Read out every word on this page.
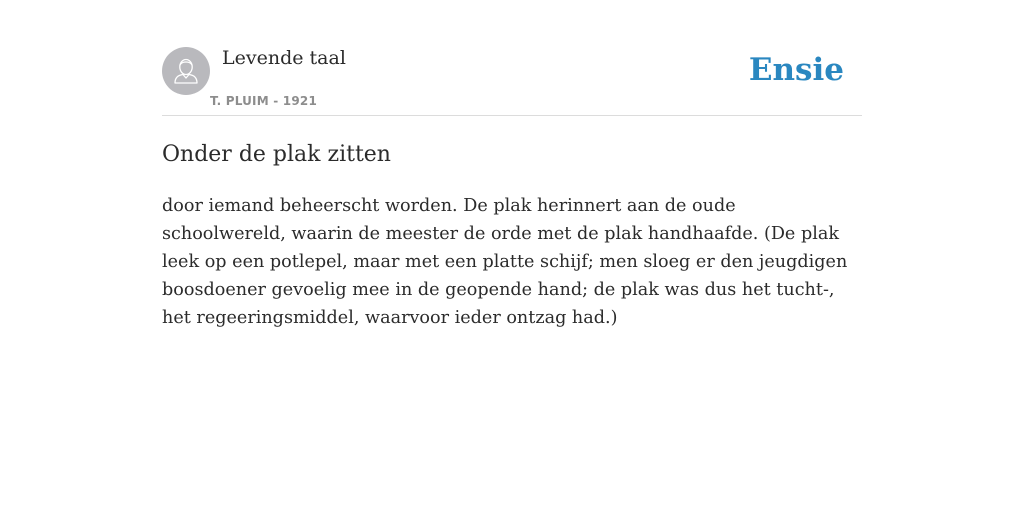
Levende taal
T. PLUIM - 1921
Ensie
Onder de plak zitten

door iemand beheerscht worden. De plak herinnert aan de oude schoolwereld, waarin de meester de orde met de plak handhaafde. (De plak leek op een potlepel, maar met een platte schijf; men sloeg er den jeugdigen boosdoener gevoelig mee in de geopende hand; de plak was dus het tucht-, het regeeringsmiddel, waarvoor ieder ontzag had.)
